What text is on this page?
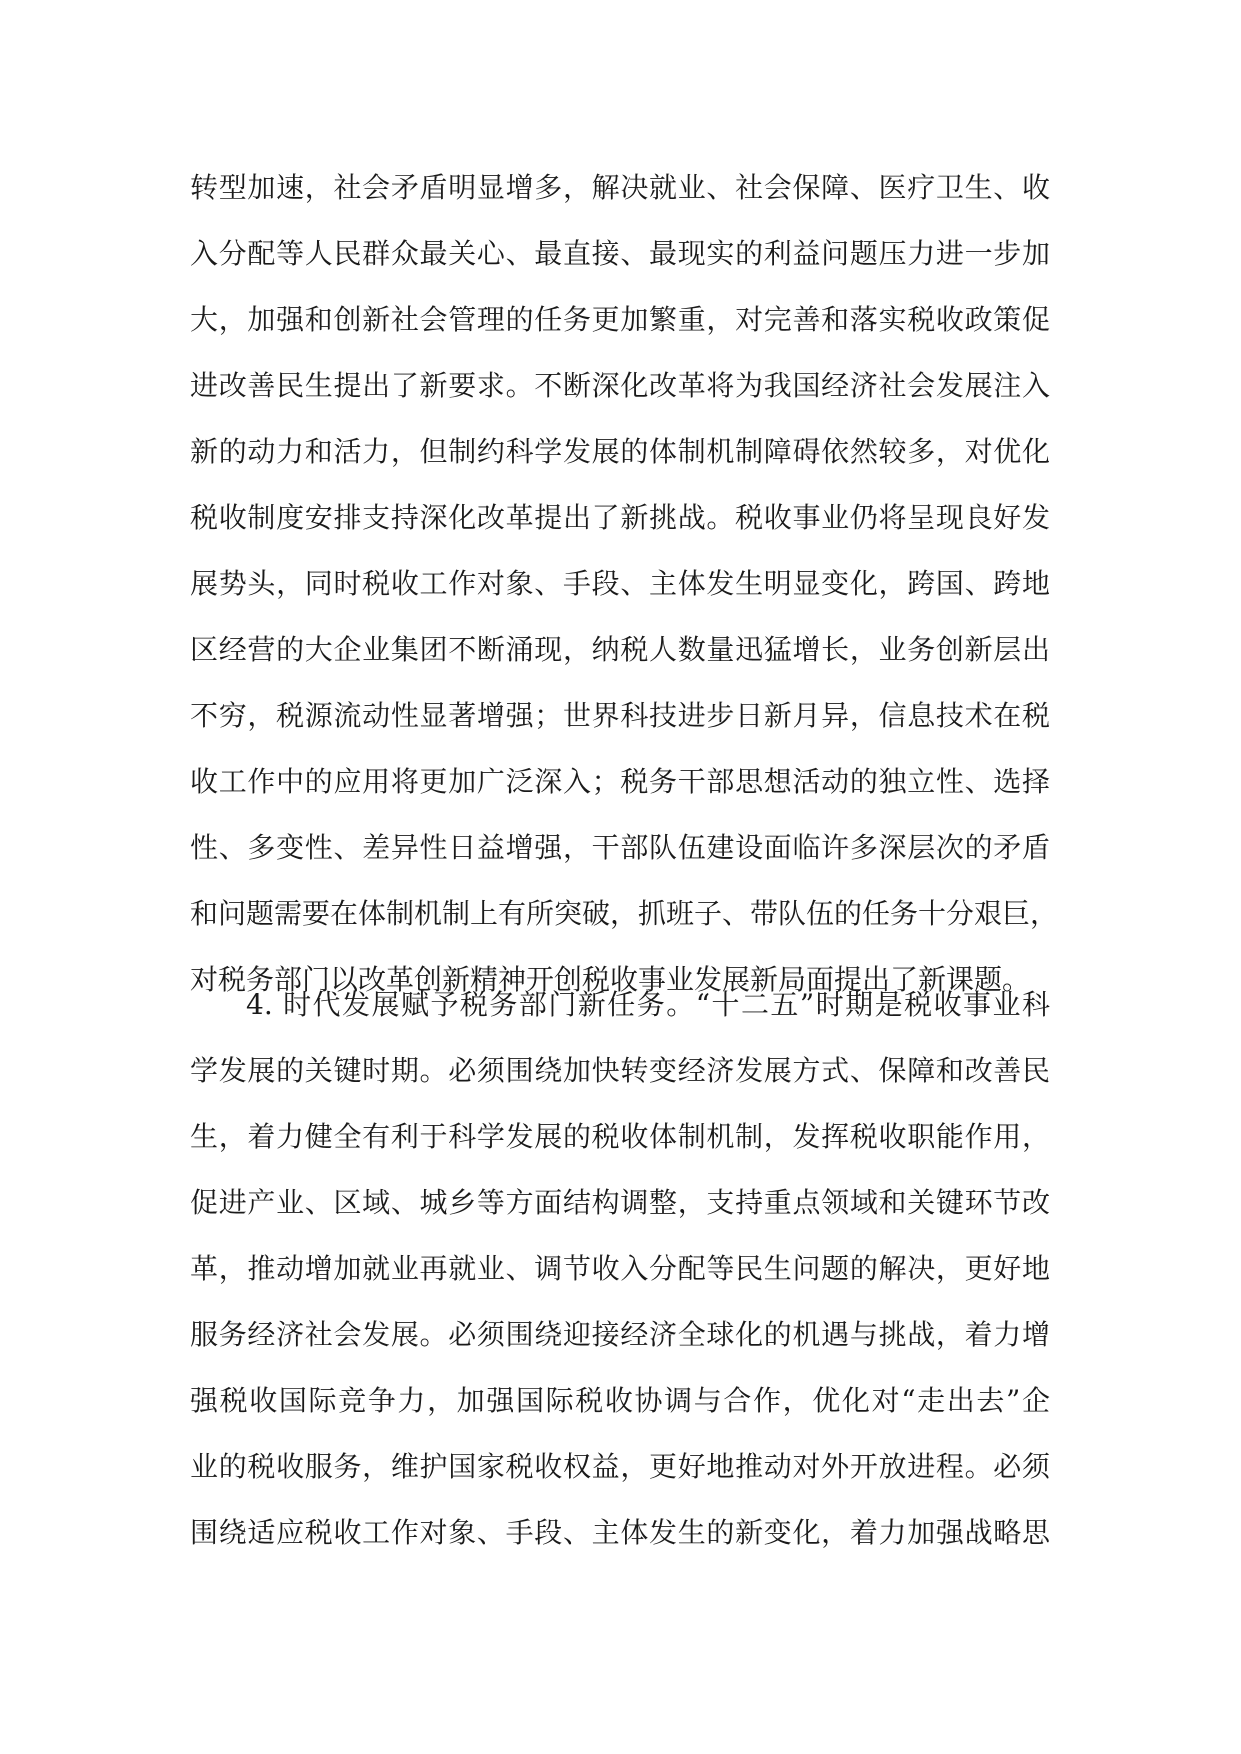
转型加速，社会矛盾明显增多，解决就业、社会保障、医疗卫生、收
入分配等人民群众最关心、最直接、最现实的利益问题压力进一步加
大，加强和创新社会管理的任务更加繁重，对完善和落实税收政策促
进改善民生提出了新要求。不断深化改革将为我国经济社会发展注入
新的动力和活力，但制约科学发展的体制机制障碍依然较多，对优化
税收制度安排支持深化改革提出了新挑战。税收事业仍将呈现良好发
展势头，同时税收工作对象、手段、主体发生明显变化，跨国、跨地
区经营的大企业集团不断涌现，纳税人数量迅猛增长，业务创新层出
不穷，税源流动性显著增强；世界科技进步日新月异，信息技术在税
收工作中的应用将更加广泛深入；税务干部思想活动的独立性、选择
性、多变性、差异性日益增强，干部队伍建设面临许多深层次的矛盾
和问题需要在体制机制上有所突破，抓班子、带队伍的任务十分艰巨，
对税务部门以改革创新精神开创税收事业发展新局面提出了新课题。
4. 时代发展赋予税务部门新任务。“十二五”时期是税收事业科
学发展的关键时期。必须围绕加快转变经济发展方式、保障和改善民
生，着力健全有利于科学发展的税收体制机制，发挥税收职能作用，
促进产业、区域、城乡等方面结构调整，支持重点领域和关键环节改
革，推动增加就业再就业、调节收入分配等民生问题的解决，更好地
服务经济社会发展。必须围绕迎接经济全球化的机遇与挑战，着力增
强税收国际竞争力，加强国际税收协调与合作，优化对“走出去”企
业的税收服务，维护国家税收权益，更好地推动对外开放进程。必须
围绕适应税收工作对象、手段、主体发生的新变化，着力加强战略思
